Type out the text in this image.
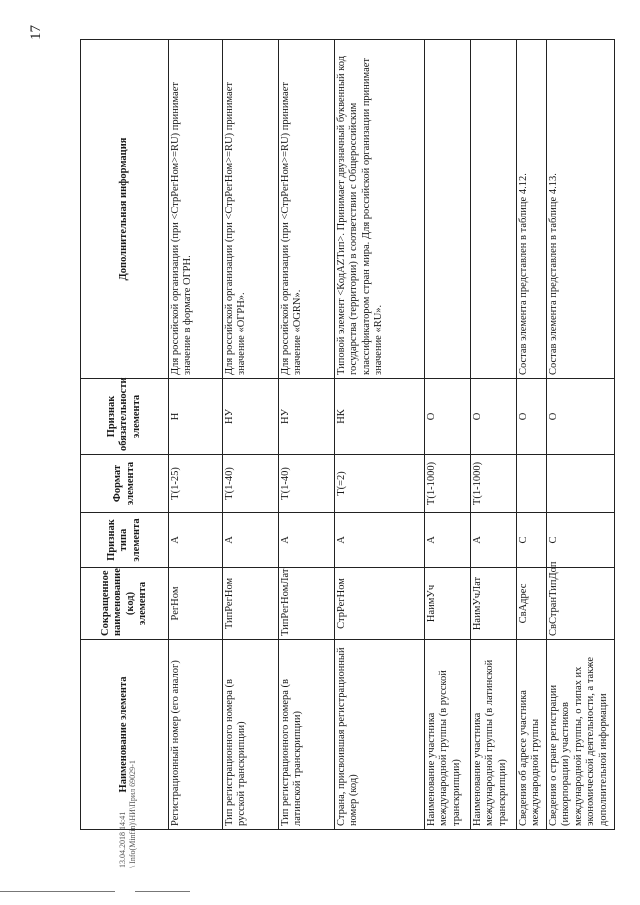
17
Наименование элемента	Сокращенное наименование (код) элемента	Признак типа элемента	Формат элемента	Признак обязательности элемента	Дополнительная информация
Регистрационный номер (его аналог)	РегНом	А	Т(1-25)	Н	Для российской организации (при <СтрРегНом>=RU) принимает значение в формате ОГРН.
Тип регистрационного номера (в русской транскрипции)	ТипРегНом	А	Т(1-40)	НУ	Для российской организации (при <СтрРегНом>=RU) принимает значение «ОГРН».
Тип регистрационного номера (в латинской транскрипции)	ТипРегНомЛат	А	Т(1-40)	НУ	Для российской организации (при <СтрРегНом>=RU) принимает значение «OGRN».
Страна, присвоившая регистрационный номер (код)	СтрРегНом	А	Т(=2)	НК	Типовой элемент <КодАZТип>. Принимает двузначный буквенный код государства (территории) в соответствии с Общероссийским классификатором стран мира. Для российской организации принимает значение «RU».
Наименование участника международной группы (в русской транскрипции)	НаимУч	А	Т(1-1000)	О	
Наименование участника международной группы (в латинской транскрипции)	НаимУчЛат	А	Т(1-1000)	О	
Сведения об адресе участника международной группы	СвАдрес	С		О	Состав элемента представлен в таблице 4.12.
Сведения о стране регистрации (инкорпорации) участников международной группы, о типах их экономической деятельности, а также дополнительной информации	СвСтранТипДоп	С		О	Состав элемента представлен в таблице 4.13.
13.04.2018 14:41 \ Info(Minfin)\НИ\Прил 69029-1
